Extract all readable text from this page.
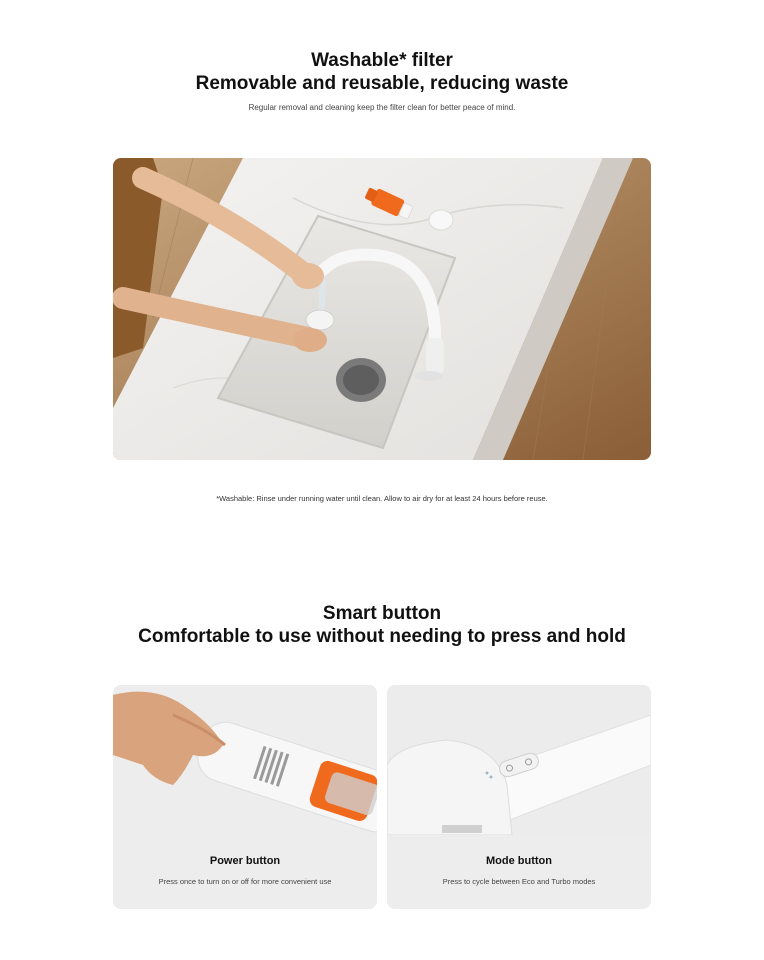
Washable* filter
Removable and reusable, reducing waste
Regular removal and cleaning keep the filter clean for better peace of mind.
*Washable: Rinse under running water until clean. Allow to air dry for at least 24 hours before reuse.
Smart button
Comfortable to use without needing to press and hold
Power button
Press once to turn on or off for more convenient use
Mode button
Press to cycle between Eco and Turbo modes
